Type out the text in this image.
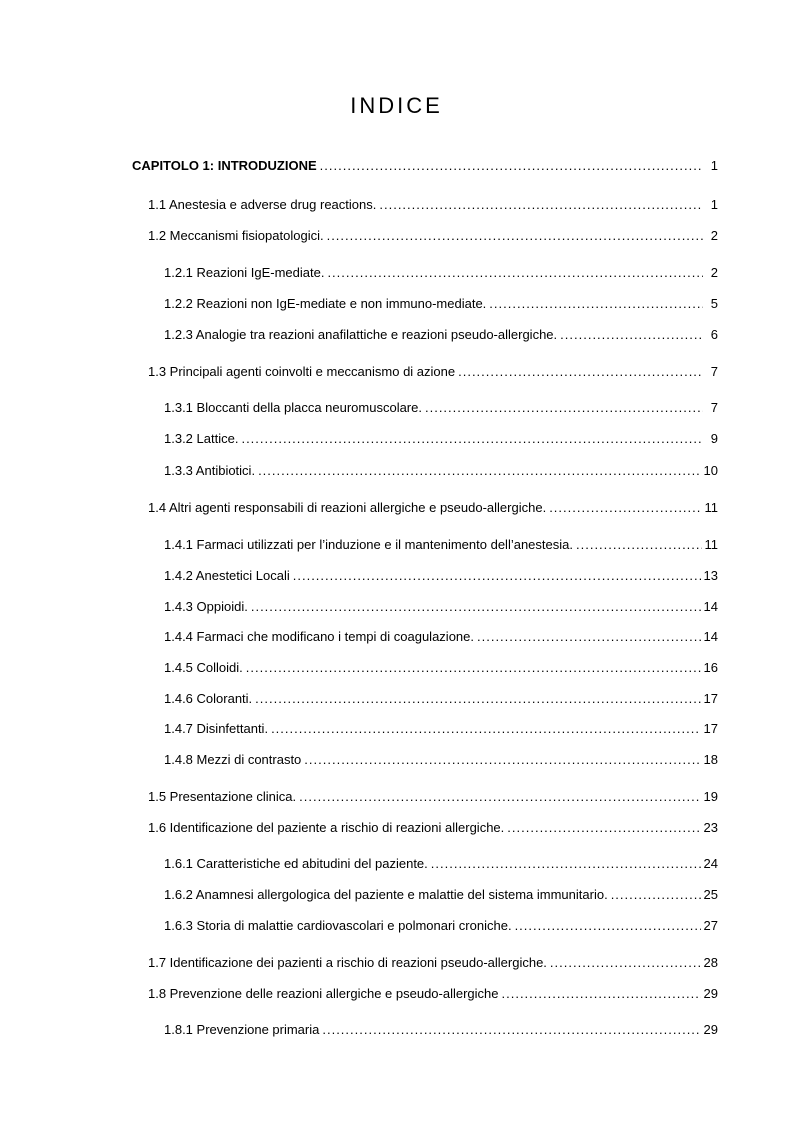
INDICE
CAPITOLO 1: INTRODUZIONE .....	1
1.1 Anestesia e adverse drug reactions. .....	1
1.2 Meccanismi fisiopatologici. .....	2
1.2.1 Reazioni IgE-mediate. .....	2
1.2.2 Reazioni non IgE-mediate e non immuno-mediate. .....	5
1.2.3 Analogie tra reazioni anafilattiche e reazioni pseudo-allergiche. .....	6
1.3 Principali agenti coinvolti e meccanismo di azione .....	7
1.3.1 Bloccanti della placca neuromuscolare. .....	7
1.3.2 Lattice. .....	9
1.3.3 Antibiotici. .....	10
1.4 Altri agenti responsabili di reazioni allergiche e pseudo-allergiche. .....	11
1.4.1 Farmaci utilizzati per l’induzione e il mantenimento dell’anestesia. .....	11
1.4.2 Anestetici Locali .....	13
1.4.3 Oppioidi. .....	14
1.4.4 Farmaci che modificano i tempi di coagulazione. .....	14
1.4.5 Colloidi. .....	16
1.4.6 Coloranti. .....	17
1.4.7 Disinfettanti. .....	17
1.4.8 Mezzi di contrasto .....	18
1.5 Presentazione clinica. .....	19
1.6 Identificazione del paziente a rischio di reazioni allergiche. .....	23
1.6.1 Caratteristiche ed abitudini del paziente. .....	24
1.6.2 Anamnesi allergologica del paziente e malattie del sistema immunitario. .....	25
1.6.3 Storia di malattie cardiovascolari e polmonari croniche. .....	27
1.7 Identificazione dei pazienti a rischio di reazioni pseudo-allergiche. .....	28
1.8 Prevenzione delle reazioni allergiche e pseudo-allergiche .....	29
1.8.1 Prevenzione primaria .....	29
